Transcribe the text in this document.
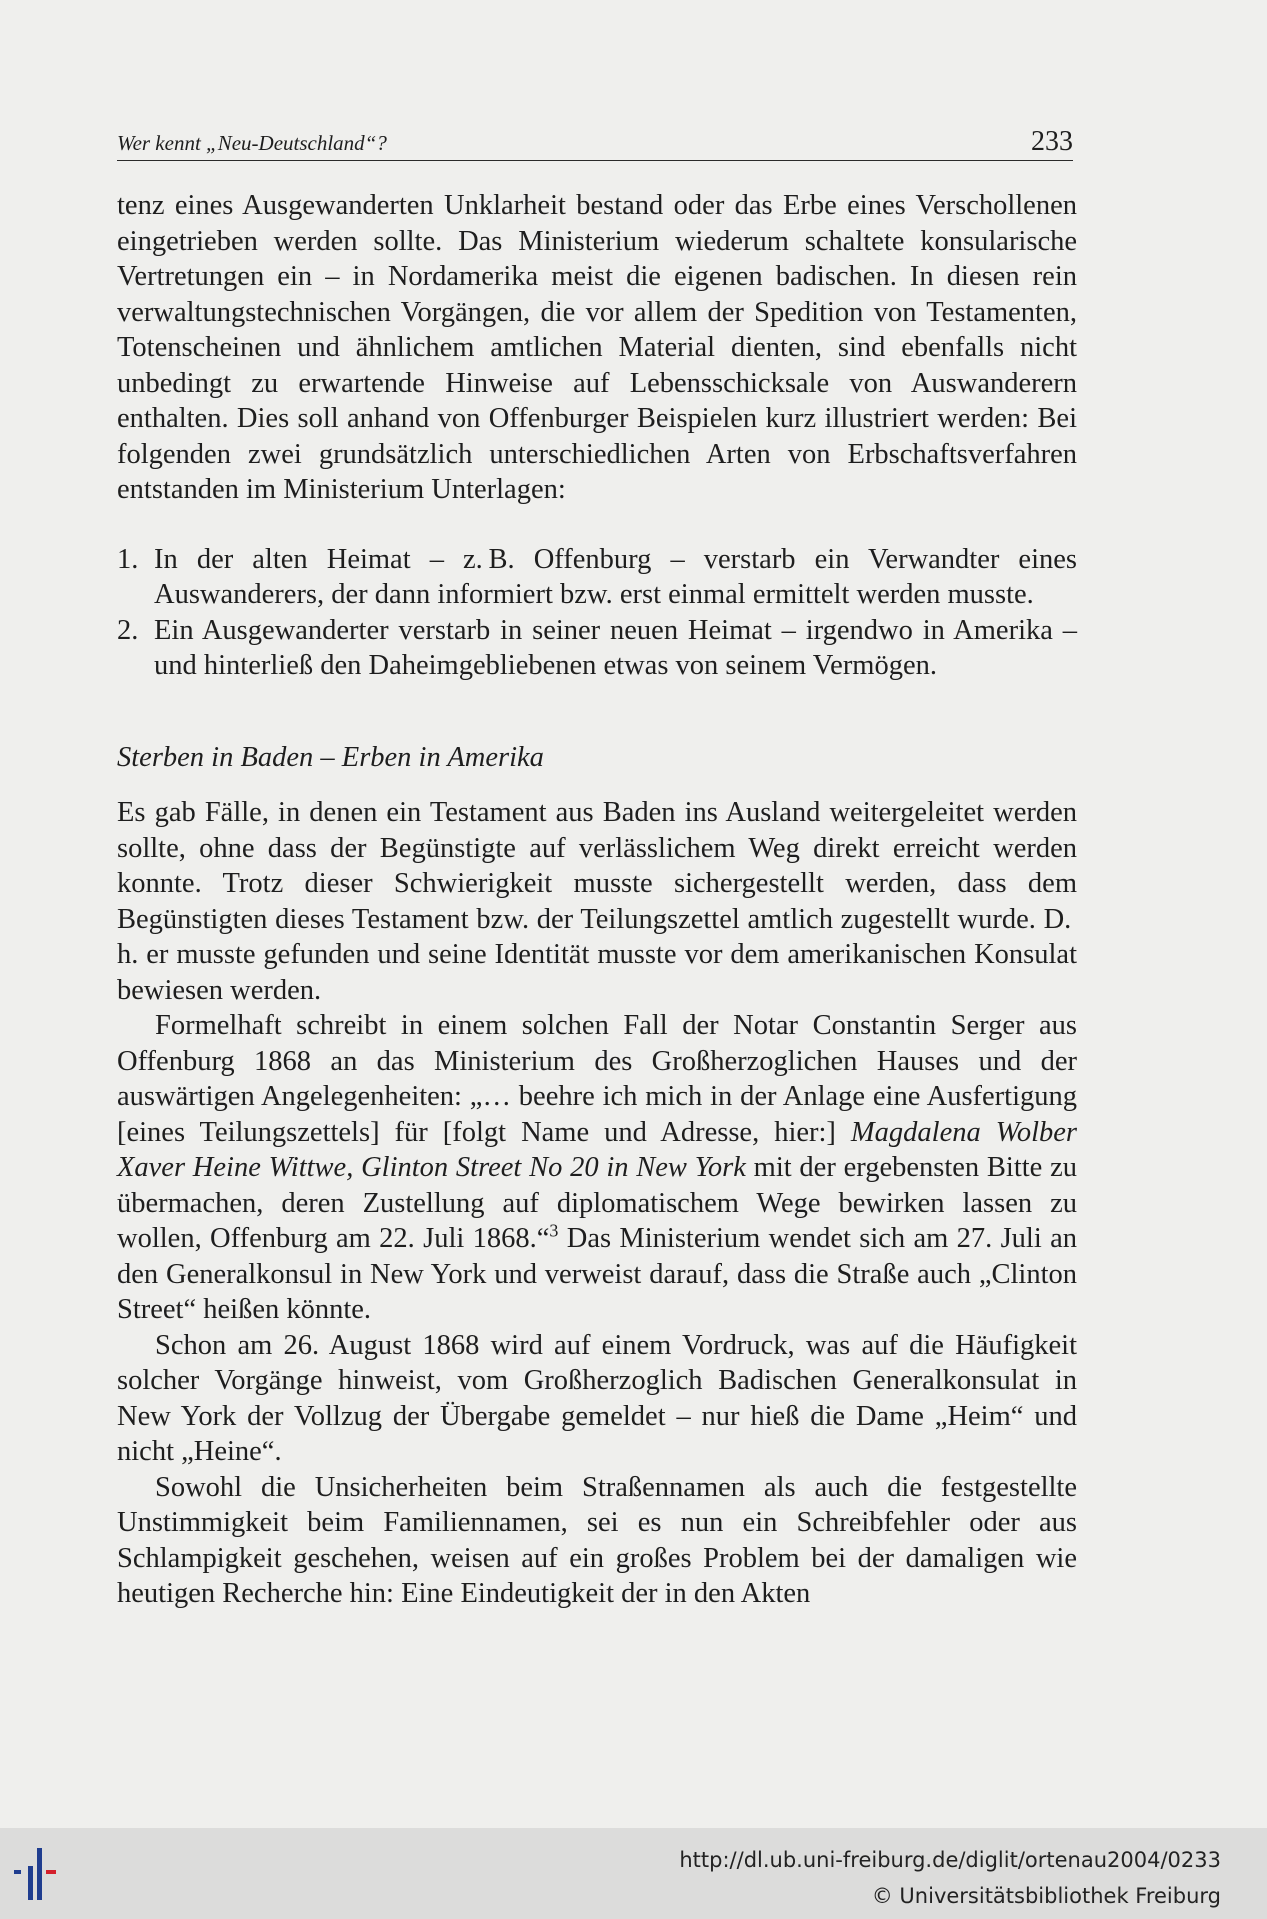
Wer kennt „Neu-Deutschland“?	233

tenz eines Ausgewanderten Unklarheit bestand oder das Erbe eines Verschollenen eingetrieben werden sollte. Das Ministerium wiederum schaltete konsularische Vertretungen ein – in Nordamerika meist die eigenen badischen. In diesen rein verwaltungstechnischen Vorgängen, die vor allem der Spedition von Testamenten, Totenscheinen und ähnlichem amtlichen Material dienten, sind ebenfalls nicht unbedingt zu erwartende Hinweise auf Lebensschicksale von Auswanderern enthalten. Dies soll anhand von Offenburger Beispielen kurz illustriert werden: Bei folgenden zwei grundsätzlich unterschiedlichen Arten von Erbschaftsverfahren entstanden im Ministerium Unterlagen:

1. In der alten Heimat – z. B. Offenburg – verstarb ein Verwandter eines Auswanderers, der dann informiert bzw. erst einmal ermittelt werden musste.
2. Ein Ausgewanderter verstarb in seiner neuen Heimat – irgendwo in Amerika – und hinterließ den Daheimgebliebenen etwas von seinem Vermögen.
Sterben in Baden – Erben in Amerika

Es gab Fälle, in denen ein Testament aus Baden ins Ausland weitergeleitet werden sollte, ohne dass der Begünstigte auf verlässlichem Weg direkt erreicht werden konnte. Trotz dieser Schwierigkeit musste sichergestellt werden, dass dem Begünstigten dieses Testament bzw. der Teilungszettel amtlich zugestellt wurde. D. h. er musste gefunden und seine Identität musste vor dem amerikanischen Konsulat bewiesen werden.

Formelhaft schreibt in einem solchen Fall der Notar Constantin Serger aus Offenburg 1868 an das Ministerium des Großherzoglichen Hauses und der auswärtigen Angelegenheiten: „… beehre ich mich in der Anlage eine Ausfertigung [eines Teilungszettels] für [folgt Name und Adresse, hier:] Magdalena Wolber Xaver Heine Wittwe, Glinton Street No 20 in New York mit der ergebensten Bitte zu übermachen, deren Zustellung auf diplomatischem Wege bewirken lassen zu wollen, Offenburg am 22. Juli 1868.“$^3$ Das Ministerium wendet sich am 27. Juli an den Generalkonsul in New York und verweist darauf, dass die Straße auch „Clinton Street“ heißen könnte.

Schon am 26. August 1868 wird auf einem Vordruck, was auf die Häufigkeit solcher Vorgänge hinweist, vom Großherzoglich Badischen Generalkonsulat in New York der Vollzug der Übergabe gemeldet – nur hieß die Dame „Heim“ und nicht „Heine“.

Sowohl die Unsicherheiten beim Straßennamen als auch die festgestellte Unstimmigkeit beim Familiennamen, sei es nun ein Schreibfehler oder aus Schlampigkeit geschehen, weisen auf ein großes Problem bei der damaligen wie heutigen Recherche hin: Eine Eindeutigkeit der in den Akten

http://dl.ub.uni-freiburg.de/diglit/ortenau2004/0233
© Universitätsbibliothek Freiburg
